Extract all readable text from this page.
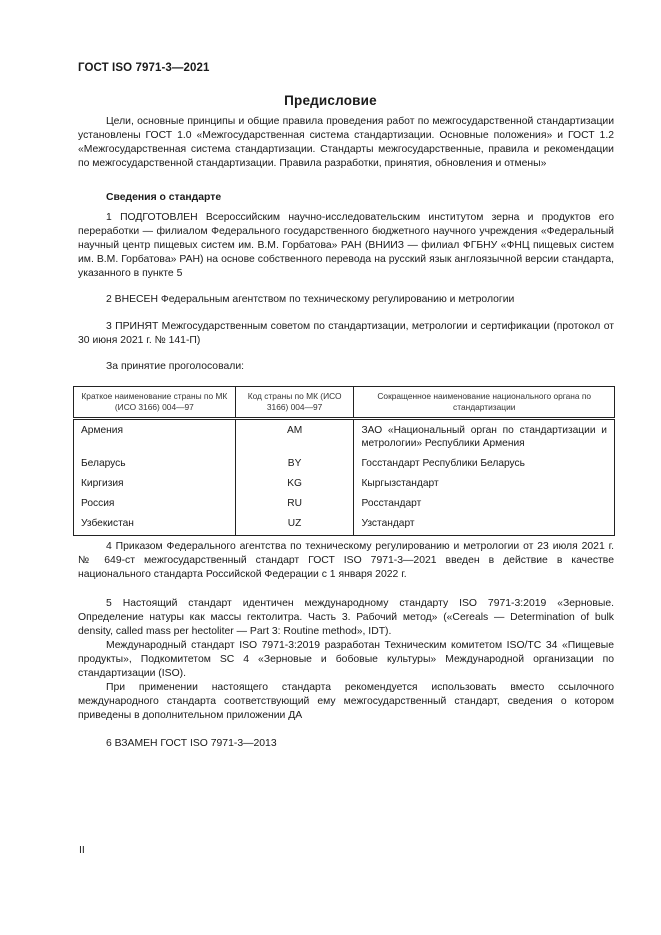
ГОСТ ISO 7971-3—2021
Предисловие
Цели, основные принципы и общие правила проведения работ по межгосударственной стандартизации установлены ГОСТ 1.0 «Межгосударственная система стандартизации. Основные положения» и ГОСТ 1.2 «Межгосударственная система стандартизации. Стандарты межгосударственные, правила и рекомендации по межгосударственной стандартизации. Правила разработки, принятия, обновления и отмены»
Сведения о стандарте
1 ПОДГОТОВЛЕН Всероссийским научно-исследовательским институтом зерна и продуктов его переработки — филиалом Федерального государственного бюджетного научного учреждения «Федеральный научный центр пищевых систем им. В.М. Горбатова» РАН (ВНИИЗ — филиал ФГБНУ «ФНЦ пищевых систем им. В.М. Горбатова» РАН) на основе собственного перевода на русский язык англоязычной версии стандарта, указанного в пункте 5
2 ВНЕСЕН Федеральным агентством по техническому регулированию и метрологии
3 ПРИНЯТ Межгосударственным советом по стандартизации, метрологии и сертификации (протокол от 30 июня 2021 г. № 141-П)
За принятие проголосовали:
Краткое наименование страны по МК (ИСО 3166) 004—97	Код страны по МК (ИСО 3166) 004—97	Сокращенное наименование национального органа по стандартизации
Армения	AM	ЗАО «Национальный орган по стандартизации и метрологии» Республики Армения
Беларусь	BY	Госстандарт Республики Беларусь
Киргизия	KG	Кыргызстандарт
Россия	RU	Росстандарт
Узбекистан	UZ	Узстандарт
4 Приказом Федерального агентства по техническому регулированию и метрологии от 23 июля 2021 г. № 649-ст межгосударственный стандарт ГОСТ ISO 7971-3—2021 введен в действие в качестве национального стандарта Российской Федерации с 1 января 2022 г.
5 Настоящий стандарт идентичен международному стандарту ISO 7971-3:2019 «Зерновые. Определение натуры как массы гектолитра. Часть 3. Рабочий метод» («Cereals — Determination of bulk density, called mass per hectoliter — Part 3: Routine method», IDT).
Международный стандарт ISO 7971-3:2019 разработан Техническим комитетом ISO/TC 34 «Пищевые продукты», Подкомитетом SC 4 «Зерновые и бобовые культуры» Международной организации по стандартизации (ISO).
При применении настоящего стандарта рекомендуется использовать вместо ссылочного международного стандарта соответствующий ему межгосударственный стандарт, сведения о котором приведены в дополнительном приложении ДА
6 ВЗАМЕН ГОСТ ISO 7971-3—2013
II
